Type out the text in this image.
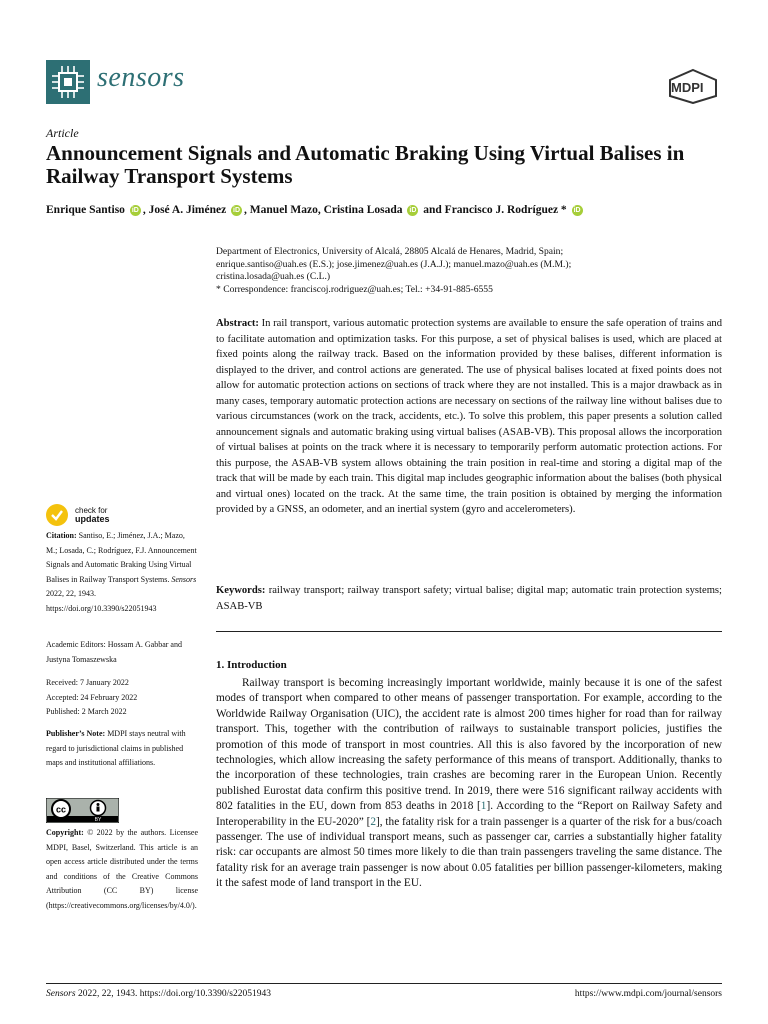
sensors	MDPI
Article
Announcement Signals and Automatic Braking Using Virtual Balises in Railway Transport Systems
Enrique Santiso iD , José A. Jiménez iD , Manuel Mazo, Cristina Losada iD and Francisco J. Rodríguez * iD
Department of Electronics, University of Alcalá, 28805 Alcalá de Henares, Madrid, Spain;
enrique.santiso@uah.es (E.S.); jose.jimenez@uah.es (J.A.J.); manuel.mazo@uah.es (M.M.);
cristina.losada@uah.es (C.L.)
* Correspondence: franciscoj.rodriguez@uah.es; Tel.: +34-91-885-6555
Abstract: In rail transport, various automatic protection systems are available to ensure the safe operation of trains and to facilitate automation and optimization tasks. For this purpose, a set of physical balises is used, which are placed at fixed points along the railway track. Based on the information provided by these balises, different information is displayed to the driver, and control actions are generated. The use of physical balises located at fixed points does not allow for automatic protection actions on sections of track where they are not installed. This is a major drawback as in many cases, temporary automatic protection actions are necessary on sections of the railway line without balises due to various circumstances (work on the track, accidents, etc.). To solve this problem, this paper presents a solution called announcement signals and automatic braking using virtual balises (ASAB-VB). This proposal allows the incorporation of virtual balises at points on the track where it is necessary to temporarily perform automatic protection actions. For this purpose, the ASAB-VB system allows obtaining the train position in real-time and storing a digital map of the track that will be made by each train. This digital map includes geographic information about the balises (both physical and virtual ones) located on the track. At the same time, the train position is obtained by merging the information provided by a GNSS, an odometer, and an inertial system (gyro and accelerometers).
Keywords: railway transport; railway transport safety; virtual balise; digital map; automatic train protection systems; ASAB-VB
1. Introduction

Railway transport is becoming increasingly important worldwide, mainly because it is one of the safest modes of transport when compared to other means of passenger transportation. For example, according to the Worldwide Railway Organisation (UIC), the accident rate is almost 200 times higher for road than for railway transport. This, together with the contribution of railways to sustainable transport policies, justifies the promotion of this mode of transport in most countries. All this is also favored by the incorporation of new technologies, which allow increasing the safety performance of this means of transport. Additionally, thanks to the incorporation of these technologies, train crashes are becoming rarer in the European Union. Recently published Eurostat data confirm this positive trend. In 2019, there were 516 significant railway accidents with 802 fatalities in the EU, down from 853 deaths in 2018 [1]. According to the “Report on Railway Safety and Interoperability in the EU-2020” [2], the fatality risk for a train passenger is a quarter of the risk for a bus/coach passenger. The use of individual transport means, such as passenger car, carries a substantially higher fatality risk: car occupants are almost 50 times more likely to die than train passengers traveling the same distance. The fatality risk for an average train passenger is now about 0.05 fatalities per billion passenger-kilometers, making it the safest mode of land transport in the EU.

check for
updates
Citation: Santiso, E.; Jiménez, J.A.; Mazo, M.; Losada, C.; Rodríguez, F.J. Announcement Signals and Automatic Braking Using Virtual Balises in Railway Transport Systems. Sensors 2022, 22, 1943. https://doi.org/10.3390/s22051943
Academic Editors: Hossam A. Gabbar and Justyna Tomaszewska
Received: 7 January 2022
Accepted: 24 February 2022
Published: 2 March 2022
Publisher’s Note: MDPI stays neutral with regard to jurisdictional claims in published maps and institutional affiliations.
cc
BY
Copyright: © 2022 by the authors. Licensee MDPI, Basel, Switzerland. This article is an open access article distributed under the terms and conditions of the Creative Commons Attribution (CC BY) license (https://creativecommons.org/licenses/by/4.0/).
Sensors 2022, 22, 1943. https://doi.org/10.3390/s22051943	https://www.mdpi.com/journal/sensors
